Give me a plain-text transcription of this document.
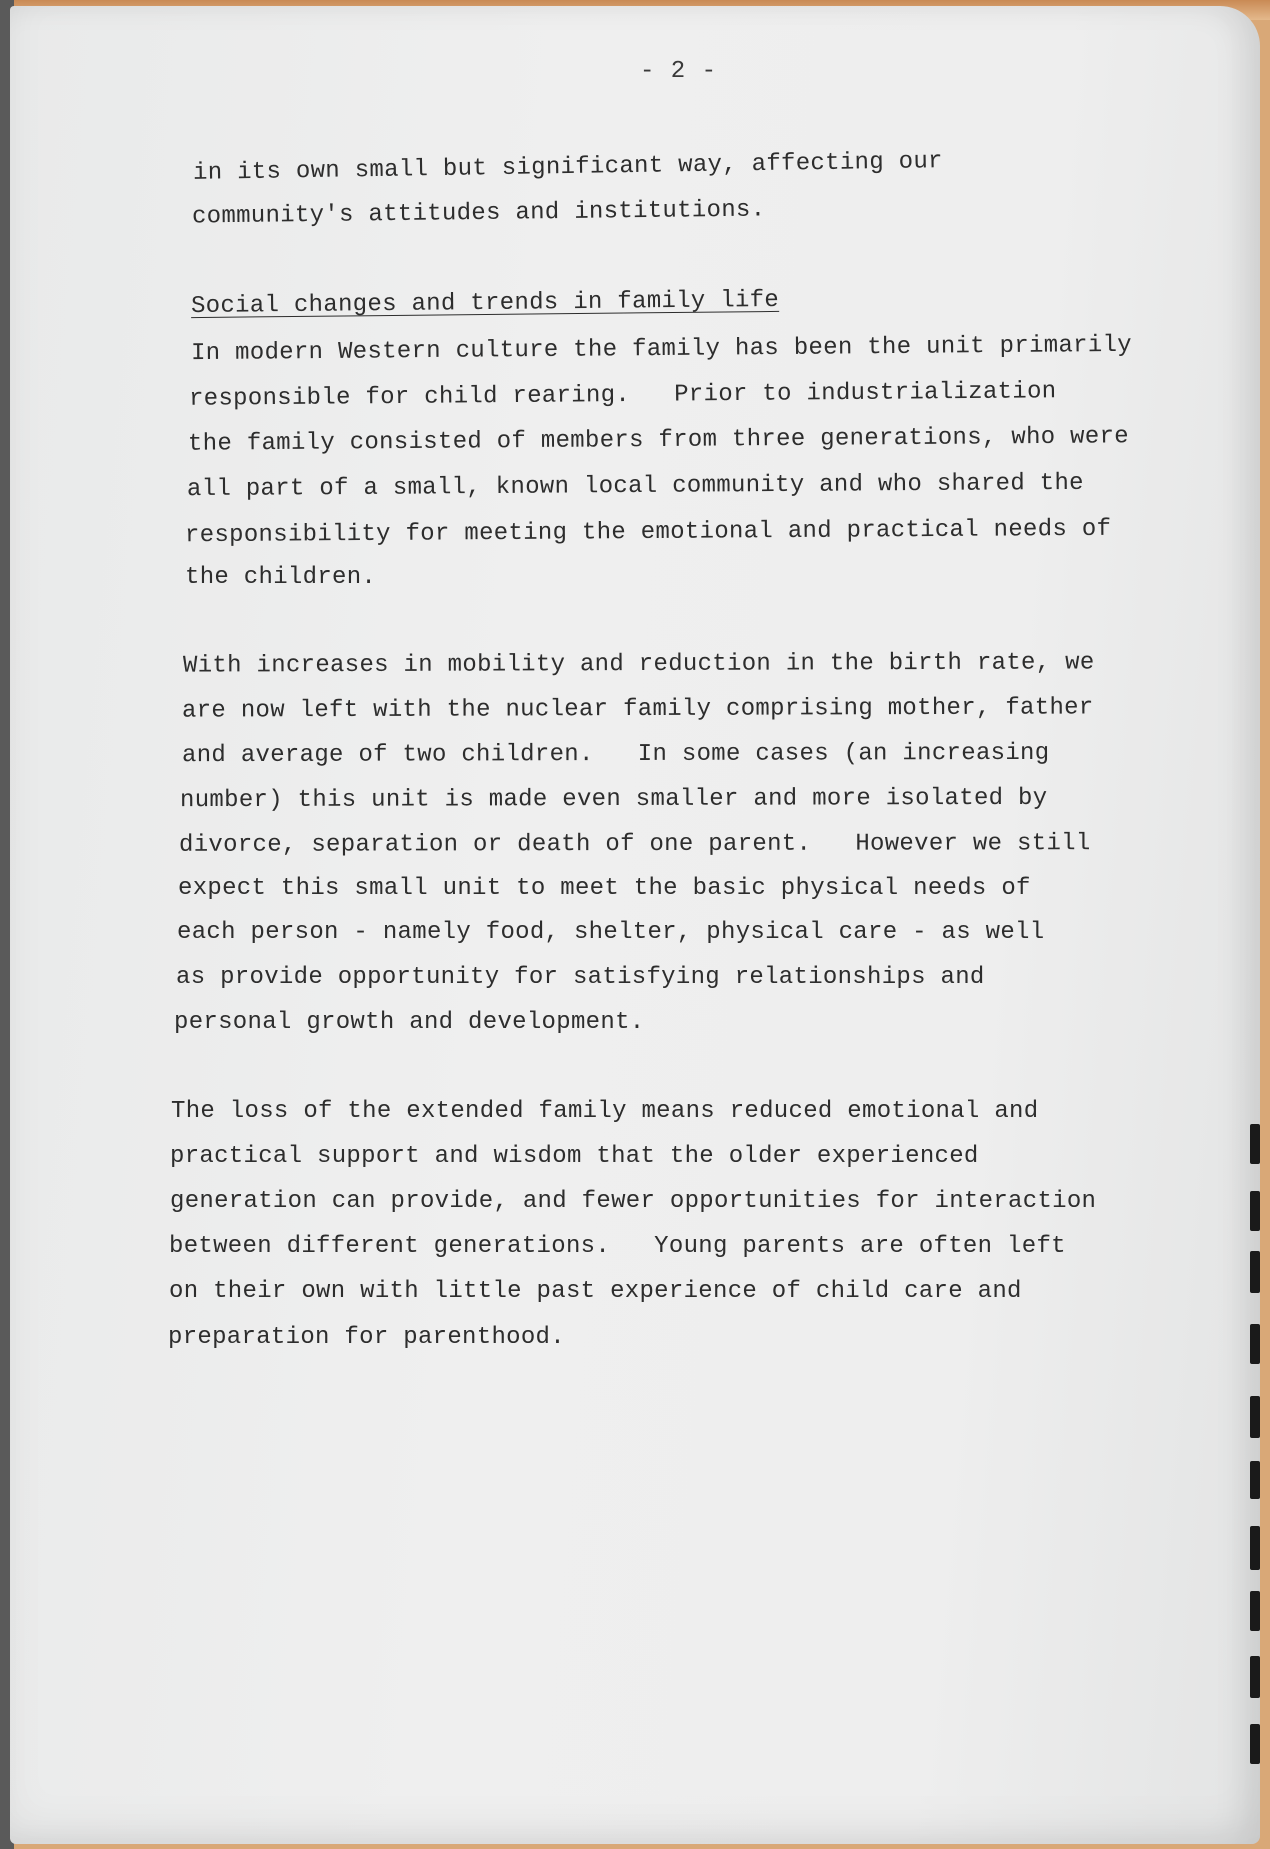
- 2 -
in its own small but significant way, affecting our
community's attitudes and institutions.
Social changes and trends in family life
In modern Western culture the family has been the unit primarily
responsible for child rearing.   Prior to industrialization
the family consisted of members from three generations, who were
all part of a small, known local community and who shared the
responsibility for meeting the emotional and practical needs of
the children.
With increases in mobility and reduction in the birth rate, we
are now left with the nuclear family comprising mother, father
and average of two children.   In some cases (an increasing
number) this unit is made even smaller and more isolated by
divorce, separation or death of one parent.   However we still
expect this small unit to meet the basic physical needs of
each person - namely food, shelter, physical care - as well
as provide opportunity for satisfying relationships and
personal growth and development.
The loss of the extended family means reduced emotional and
practical support and wisdom that the older experienced
generation can provide, and fewer opportunities for interaction
between different generations.   Young parents are often left
on their own with little past experience of child care and
preparation for parenthood.
